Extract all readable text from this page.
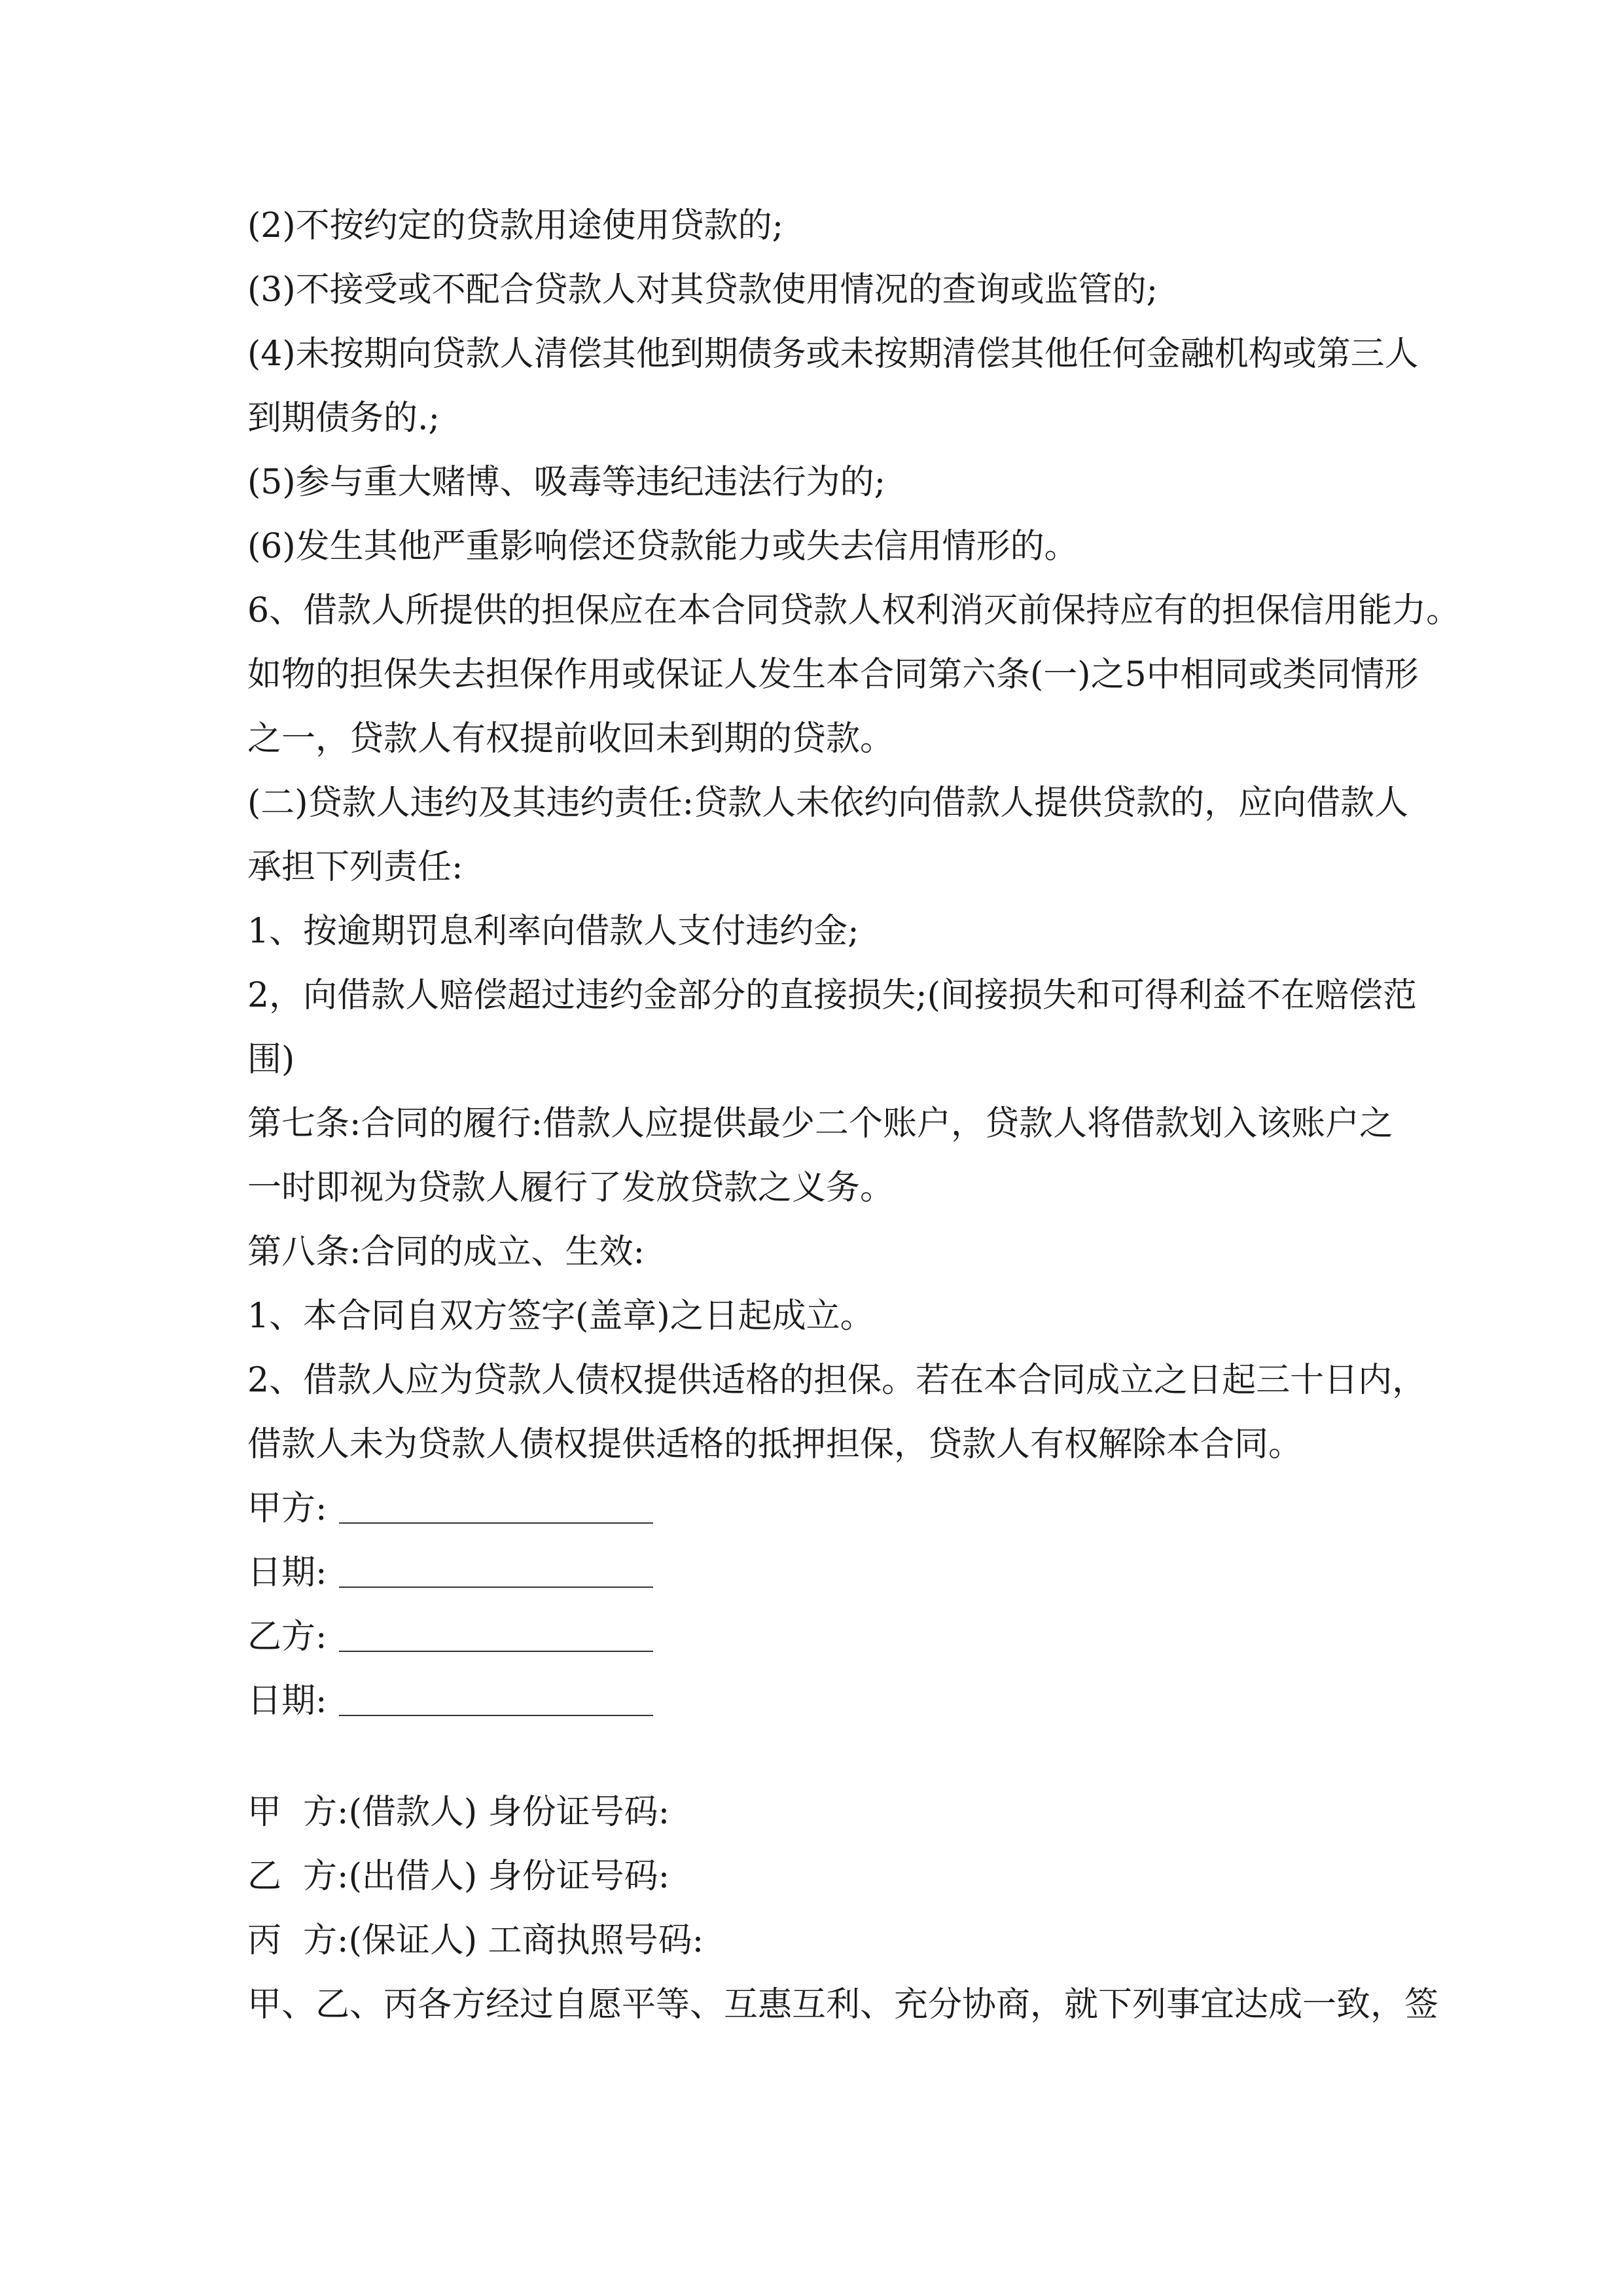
(2)不按约定的贷款用途使用贷款的;
(3)不接受或不配合贷款人对其贷款使用情况的查询或监管的;
(4)未按期向贷款人清偿其他到期债务或未按期清偿其他任何金融机构或第三人
到期债务的.;
(5)参与重大赌博、吸毒等违纪违法行为的;
(6)发生其他严重影响偿还贷款能力或失去信用情形的。
6、借款人所提供的担保应在本合同贷款人权利消灭前保持应有的担保信用能力。
如物的担保失去担保作用或保证人发生本合同第六条(一)之5中相同或类同情形
之一，贷款人有权提前收回未到期的贷款。
(二)贷款人违约及其违约责任:贷款人未依约向借款人提供贷款的，应向借款人
承担下列责任:
1、按逾期罚息利率向借款人支付违约金;
2，向借款人赔偿超过违约金部分的直接损失;(间接损失和可得利益不在赔偿范
围)
第七条:合同的履行:借款人应提供最少二个账户，贷款人将借款划入该账户之
一时即视为贷款人履行了发放贷款之义务。
第八条:合同的成立、生效:
1、本合同自双方签字(盖章)之日起成立。
2、借款人应为贷款人债权提供适格的担保。若在本合同成立之日起三十日内，
借款人未为贷款人债权提供适格的抵押担保，贷款人有权解除本合同。
甲方:
日期:
乙方:
日期:
甲  方:(借款人) 身份证号码:
乙  方:(出借人) 身份证号码:
丙  方:(保证人) 工商执照号码:
甲、乙、丙各方经过自愿平等、互惠互利、充分协商，就下列事宜达成一致，签
